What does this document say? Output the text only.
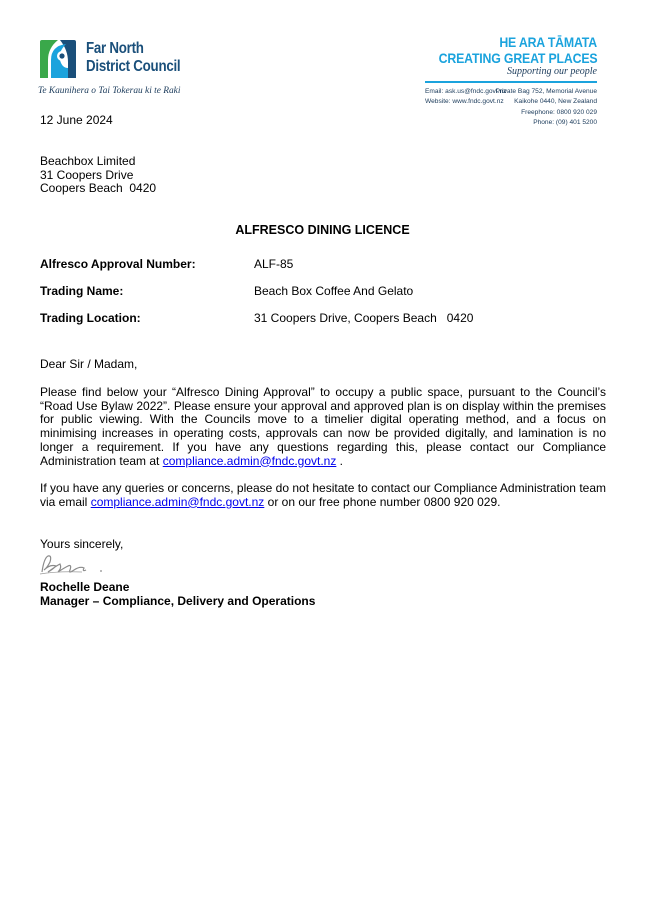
Far North
District Council
Te Kaunihera o Tai Tokerau ki te Raki
HE ARA TĀMATA
CREATING GREAT PLACES
Supporting our people
Email: ask.us@fndc.govt.nz
Website: www.fndc.govt.nz
Private Bag 752, Memorial Avenue
Kaikohe 0440, New Zealand
Freephone: 0800 920 029
Phone: (09) 401 5200
12 June 2024
Beachbox Limited
31 Coopers Drive
Coopers Beach  0420
ALFRESCO DINING LICENCE
Alfresco Approval Number:	ALF-85
Trading Name:	Beach Box Coffee And Gelato
Trading Location:	31 Coopers Drive, Coopers Beach   0420
Dear Sir / Madam,
Please find below your “Alfresco Dining Approval” to occupy a public space, pursuant to the Council’s “Road Use Bylaw 2022”. Please ensure your approval and approved plan is on display within the premises for public viewing. With the Councils move to a timelier digital operating method, and a focus on minimising increases in operating costs, approvals can now be provided digitally, and lamination is no longer a requirement. If you have any questions regarding this, please contact our Compliance Administration team at compliance.admin@fndc.govt.nz .
If you have any queries or concerns, please do not hesitate to contact our Compliance Administration team via email compliance.admin@fndc.govt.nz or on our free phone number 0800 920 029.
Yours sincerely,
Rochelle Deane
Manager – Compliance, Delivery and Operations
